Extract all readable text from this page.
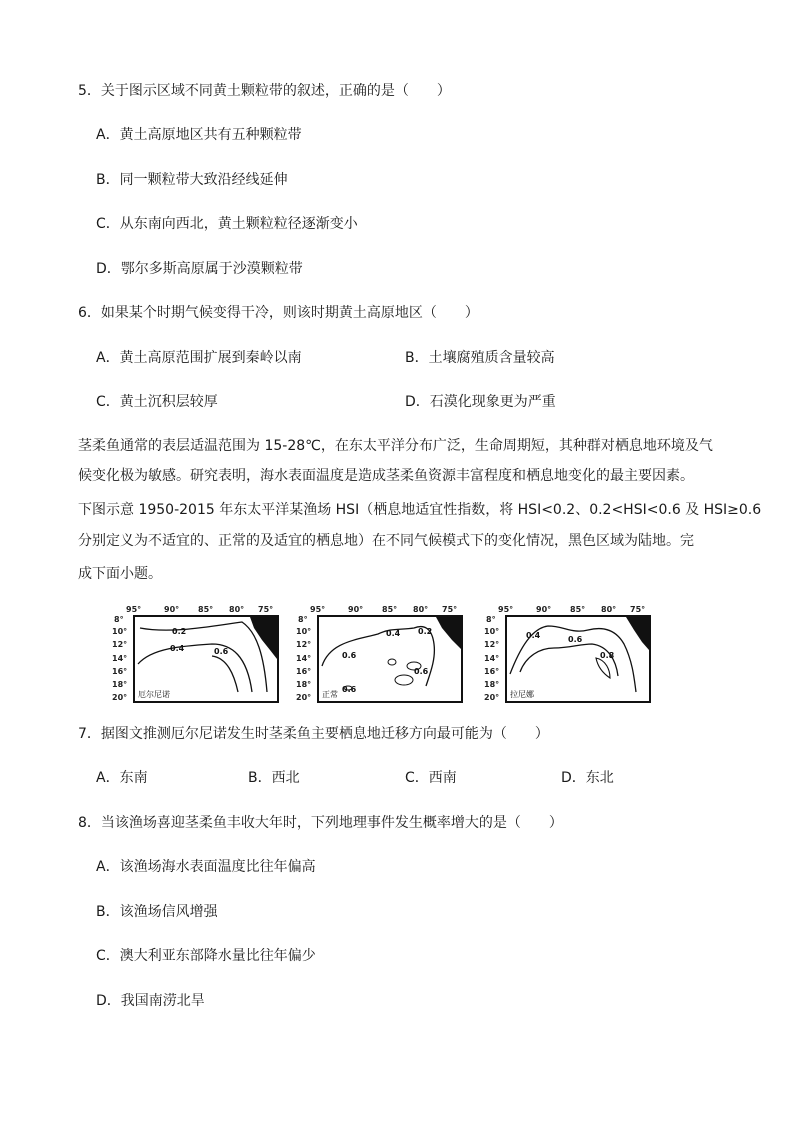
5．关于图示区域不同黄土颗粒带的叙述，正确的是（　　）
A．黄土高原地区共有五种颗粒带
B．同一颗粒带大致沿经线延伸
C．从东南向西北，黄土颗粒粒径逐渐变小
D．鄂尔多斯高原属于沙漠颗粒带
6．如果某个时期气候变得干冷，则该时期黄土高原地区（　　）
A．黄土高原范围扩展到秦岭以南	B．土壤腐殖质含量较高
C．黄土沉积层较厚	D．石漠化现象更为严重
茎柔鱼通常的表层适温范围为 15-28℃，在东太平洋分布广泛，生命周期短，其种群对栖息地环境及气
候变化极为敏感。研究表明，海水表面温度是造成茎柔鱼资源丰富程度和栖息地变化的最主要因素。
下图示意 1950-2015 年东太平洋某渔场 HSI（栖息地适宜性指数，将 HSI<0.2、0.2<HSI<0.6 及 HSI≥0.6
分别定义为不适宜的、正常的及适宜的栖息地）在不同气候模式下的变化情况，黑色区域为陆地。完
成下面小题。
95°	90° 85° 80° 75°
8°
10°
12°
14°
16°
18°
20°
0.2
0.4	0.6
厄尔尼诺
95°	90° 85° 80° 75°
8°
10°
12°
14°
16°
18°
20°
0.4 0.2
0.6
0.6
0.6
正常
95°	90° 85° 80° 75°
8°
10°
12°
14°
16°
18°
20°
0.4	0.6
0.8
拉尼娜
7．据图文推测厄尔尼诺发生时茎柔鱼主要栖息地迁移方向最可能为（　　）
A．东南	B．西北	C．西南	D．东北
8．当该渔场喜迎茎柔鱼丰收大年时，下列地理事件发生概率增大的是（　　）
A．该渔场海水表面温度比往年偏高
B．该渔场信风增强
C．澳大利亚东部降水量比往年偏少
D．我国南涝北旱
